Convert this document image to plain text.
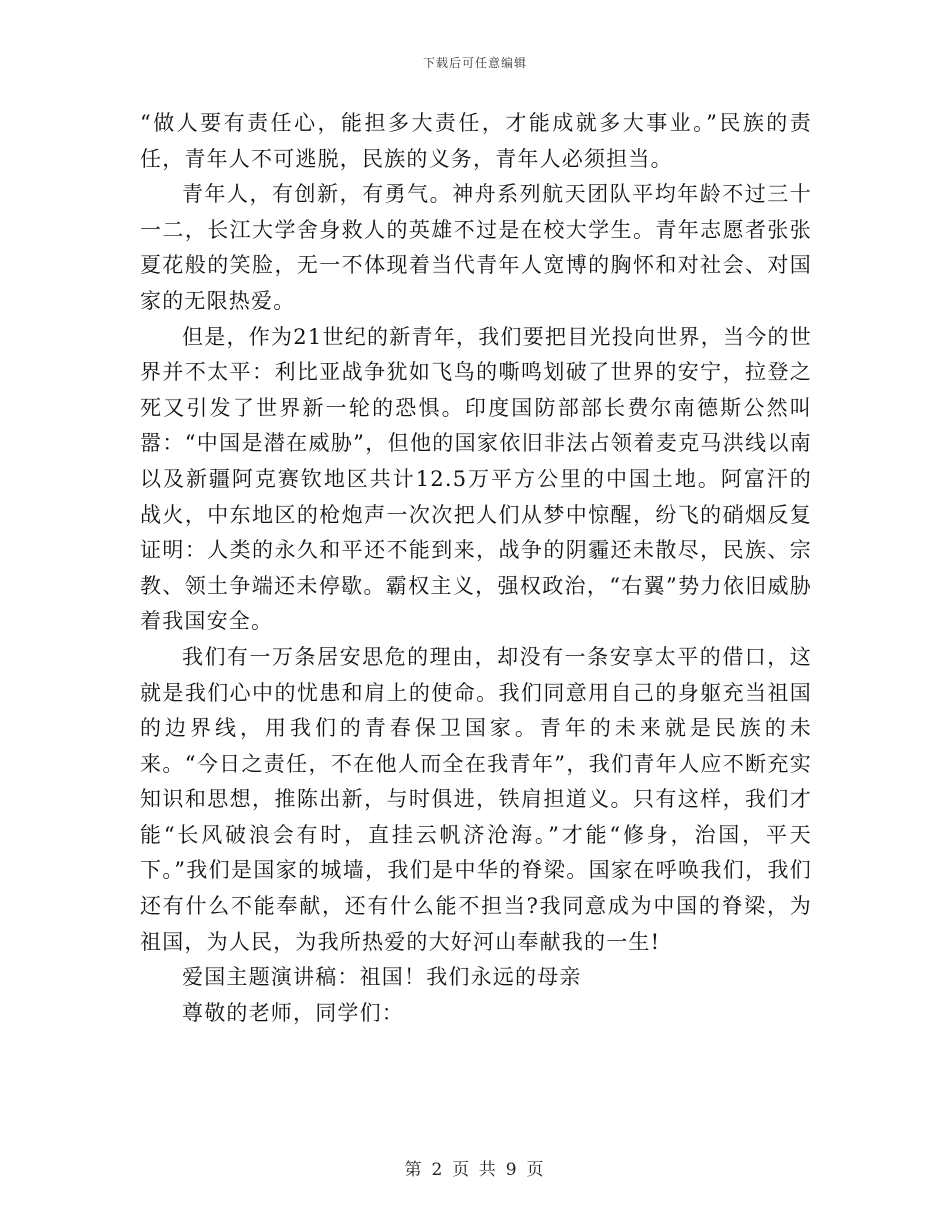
下载后可任意编辑

“做人要有责任心，能担多大责任，才能成就多大事业。”民族的责任，青年人不可逃脱，民族的义务，青年人必须担当。

青年人，有创新，有勇气。神舟系列航天团队平均年龄不过三十一二，长江大学舍身救人的英雄不过是在校大学生。青年志愿者张张夏花般的笑脸，无一不体现着当代青年人宽博的胸怀和对社会、对国家的无限热爱。

但是，作为21世纪的新青年，我们要把目光投向世界，当今的世界并不太平：利比亚战争犹如飞鸟的嘶鸣划破了世界的安宁，拉登之死又引发了世界新一轮的恐惧。印度国防部部长费尔南德斯公然叫嚣：“中国是潜在威胁”，但他的国家依旧非法占领着麦克马洪线以南以及新疆阿克赛钦地区共计12.5万平方公里的中国土地。阿富汗的战火，中东地区的枪炮声一次次把人们从梦中惊醒，纷飞的硝烟反复证明：人类的永久和平还不能到来，战争的阴霾还未散尽，民族、宗教、领土争端还未停歇。霸权主义，强权政治，“右翼”势力依旧威胁着我国安全。

我们有一万条居安思危的理由，却没有一条安享太平的借口，这就是我们心中的忧患和肩上的使命。我们同意用自己的身躯充当祖国的边界线，用我们的青春保卫国家。青年的未来就是民族的未来。“今日之责任，不在他人而全在我青年”，我们青年人应不断充实知识和思想，推陈出新，与时俱进，铁肩担道义。只有这样，我们才能“长风破浪会有时，直挂云帆济沧海。”才能“修身，治国，平天下。”我们是国家的城墙，我们是中华的脊梁。国家在呼唤我们，我们还有什么不能奉献，还有什么能不担当?我同意成为中国的脊梁，为祖国，为人民，为我所热爱的大好河山奉献我的一生!

爱国主题演讲稿：祖国！我们永远的母亲

尊敬的老师，同学们：

第 2 页 共 9 页
